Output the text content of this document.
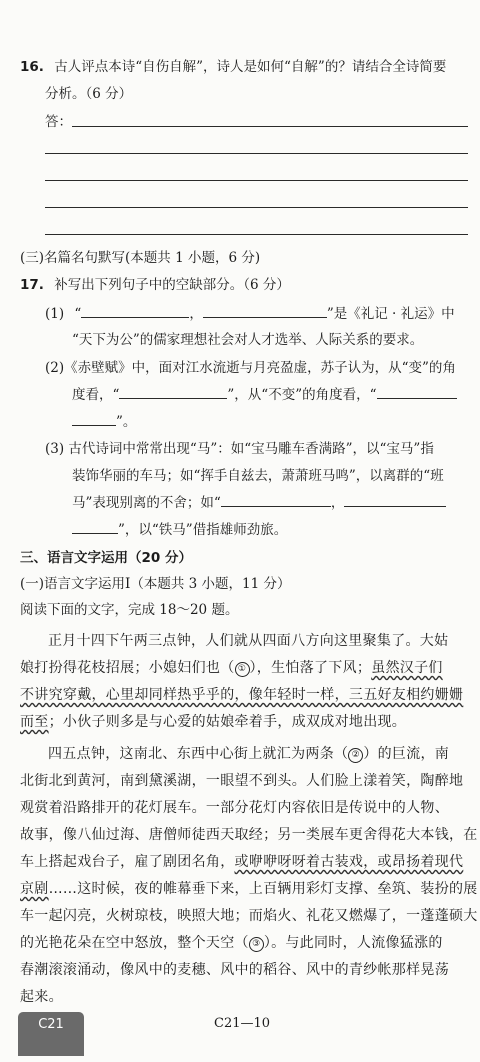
16. 古人评点本诗“自伤自解”，诗人是如何“自解”的？请结合全诗简要
分析。（6 分）
答：
(三)名篇名句默写(本题共 1 小题，6 分)
17. 补写出下列句子中的空缺部分。（6 分）
(1) “	，	”是《礼记 · 礼运》中
“天下为公”的儒家理想社会对人才选举、人际关系的要求。
(2)《赤壁赋》中，面对江水流逝与月亮盈虚，苏子认为，从“变”的角
度看，“	”，从“不变”的角度看，“
”。
(3) 古代诗词中常常出现“马”：如“宝马雕车香满路”，以“宝马”指
装饰华丽的车马；如“挥手自兹去，萧萧班马鸣”，以离群的“班
马”表现别离的不舍；如“	，
”，以“铁马”借指雄师劲旅。
三、语言文字运用（20 分）
(一)语言文字运用Ⅰ（本题共 3 小题，11 分）
阅读下面的文字，完成 18～20 题。
正月十四下午两三点钟，人们就从四面八方向这里聚集了。大姑
娘打扮得花枝招展；小媳妇们也（ ① ），生怕落了下风；虽然汉子们
不讲究穿戴，心里却同样热乎乎的，像年轻时一样，三五好友相约姗姗
而至；小伙子则多是与心爱的姑娘牵着手，成双成对地出现。
四五点钟，这南北、东西中心街上就汇为两条（ ② ）的巨流，南
北街北到黄河，南到黛溪湖，一眼望不到头。人们脸上漾着笑，陶醉地
观赏着沿路排开的花灯展车。一部分花灯内容依旧是传说中的人物、
故事，像八仙过海、唐僧师徒西天取经；另一类展车更舍得花大本钱，在
车上搭起戏台子，雇了剧团名角，或咿咿呀呀着古装戏，或昂扬着现代
京剧……这时候，夜的帷幕垂下来，上百辆用彩灯支撑、垒筑、装扮的展
车一起闪亮，火树琼枝，映照大地；而焰火、礼花又燃爆了，一蓬蓬硕大
的光艳花朵在空中怒放，整个天空（ ③ ）。与此同时，人流像猛涨的
春潮滚滚涌动，像风中的麦穗、风中的稻谷、风中的青纱帐那样晃荡
起来。
C21	C21—10
